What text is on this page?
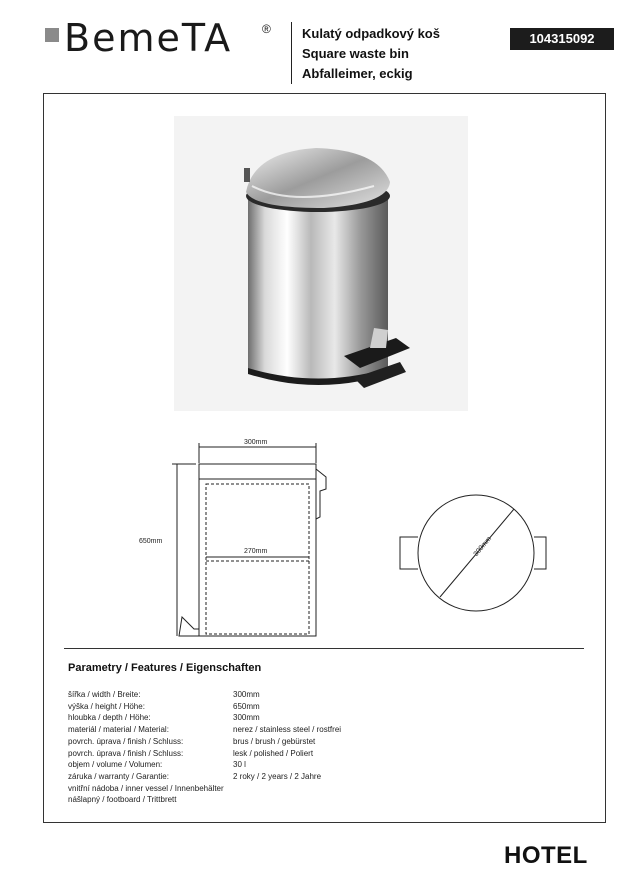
BemeTA ® Kulatý odpadkový koš
Square waste bin
Abfalleimer, eckig
104315092
300mm
650mm
270mm	300mm
Parametry / Features / Eigenschaften
šířka / width / Breite:	300mm
výška / height / Höhe:	650mm
hloubka / depth / Höhe:	300mm
materiál / material / Material:	nerez / stainless steel / rostfrei
povrch. úprava / finish / Schluss:	brus / brush / gebürstet
povrch. úprava / finish / Schluss:	lesk / polished / Poliert
objem / volume / Volumen:	30 l
záruka / warranty / Garantie:	2 roky / 2 years / 2 Jahre
vnitřní nádoba / inner vessel / Innenbehälter
nášlapný / footboard / Trittbrett
HOTEL
